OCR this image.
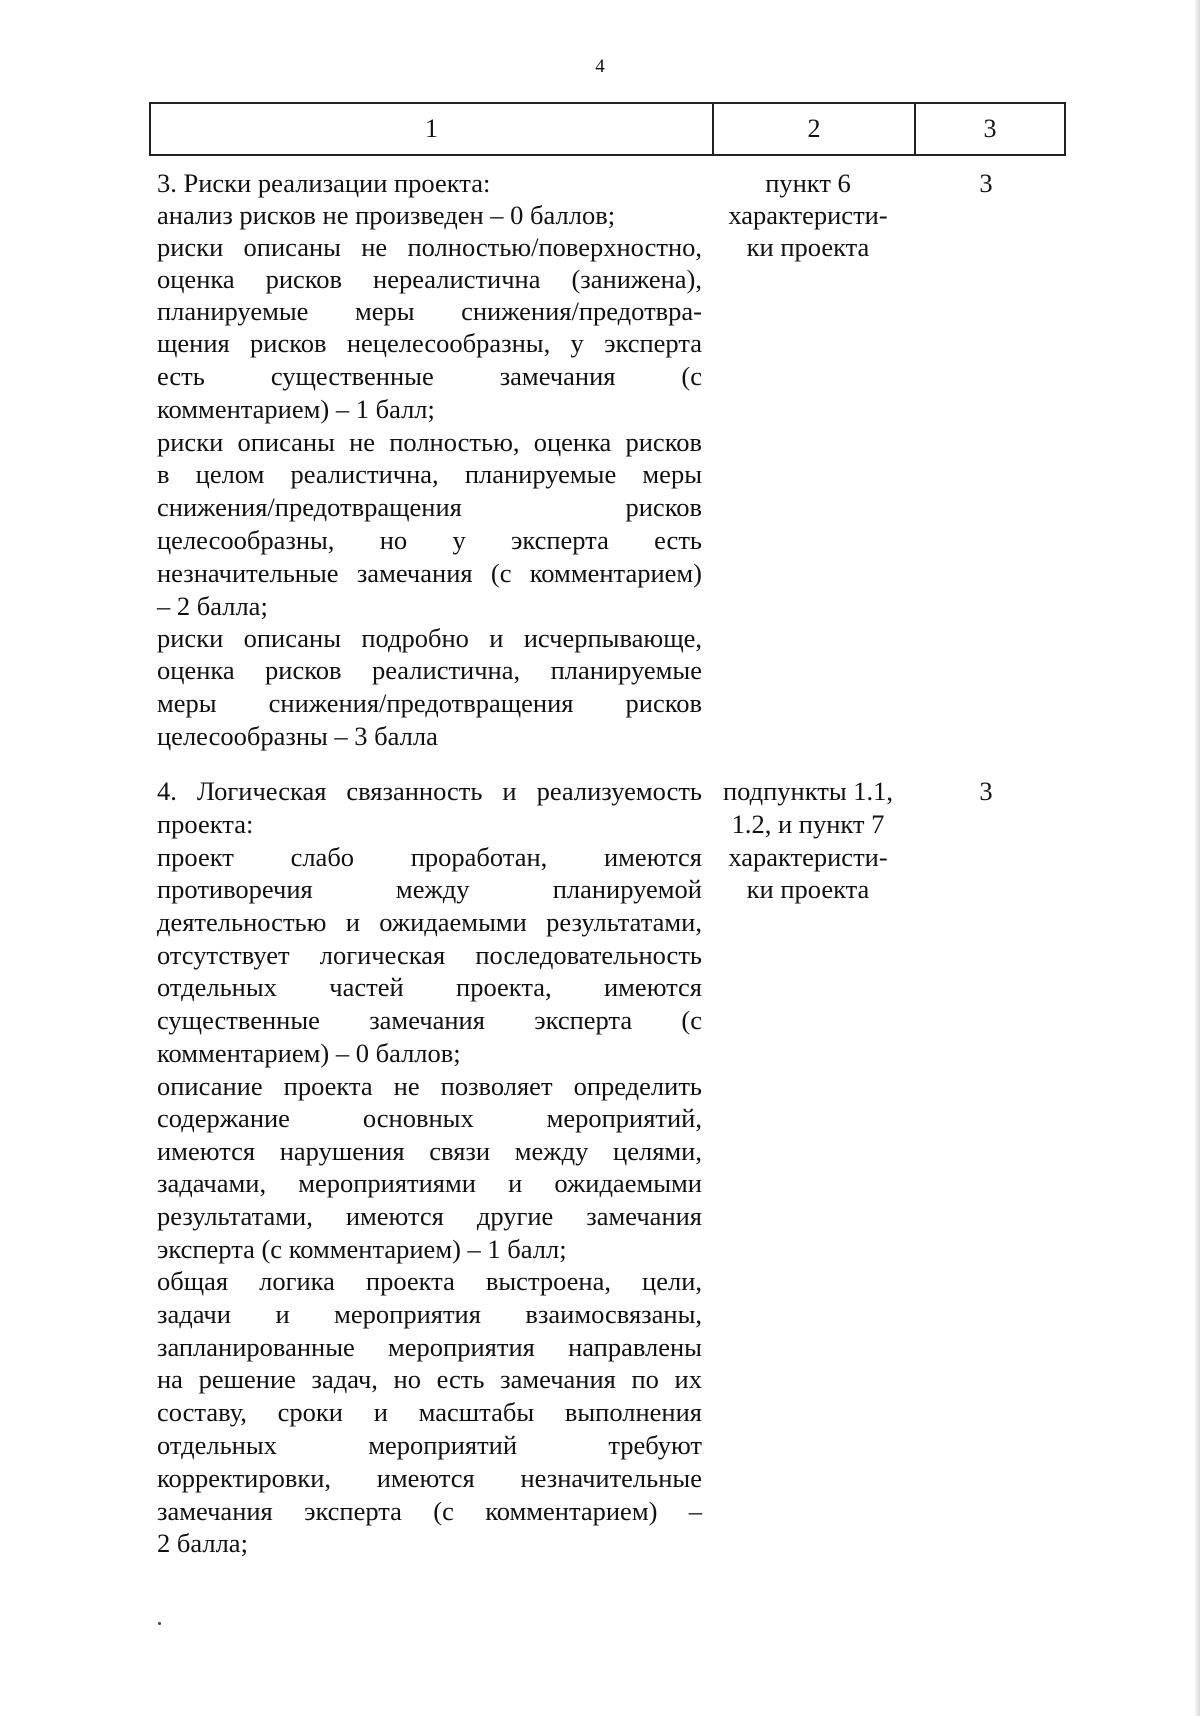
4
1	2	3
3. Риски реализации проекта:
анализ рисков не произведен – 0 баллов;
риски описаны не полностью/поверхностно,
оценка рисков нереалистична (занижена),
планируемые меры снижения/предотвра-
щения рисков нецелесообразны, у эксперта
есть существенные замечания (с
комментарием) – 1 балл;
риски описаны не полностью, оценка рисков
в целом реалистична, планируемые меры
снижения/предотвращения рисков
целесообразны, но у эксперта есть
незначительные замечания (с комментарием)
– 2 балла;
риски описаны подробно и исчерпывающе,
оценка рисков реалистична, планируемые
меры снижения/предотвращения рисков
целесообразны – 3 балла
пункт 6
характеристи-
ки проекта
3
4. Логическая связанность и реализуемость
проекта:
проект слабо проработан, имеются
противоречия между планируемой
деятельностью и ожидаемыми результатами,
отсутствует логическая последовательность
отдельных частей проекта, имеются
существенные замечания эксперта (с
комментарием) – 0 баллов;
описание проекта не позволяет определить
содержание основных мероприятий,
имеются нарушения связи между целями,
задачами, мероприятиями и ожидаемыми
результатами, имеются другие замечания
эксперта (с комментарием) – 1 балл;
общая логика проекта выстроена, цели,
задачи и мероприятия взаимосвязаны,
запланированные мероприятия направлены
на решение задач, но есть замечания по их
составу, сроки и масштабы выполнения
отдельных мероприятий требуют
корректировки, имеются незначительные
замечания эксперта (с комментарием) –
2 балла;
подпункты 1.1,
1.2, и пункт 7
характеристи-
ки проекта
3
